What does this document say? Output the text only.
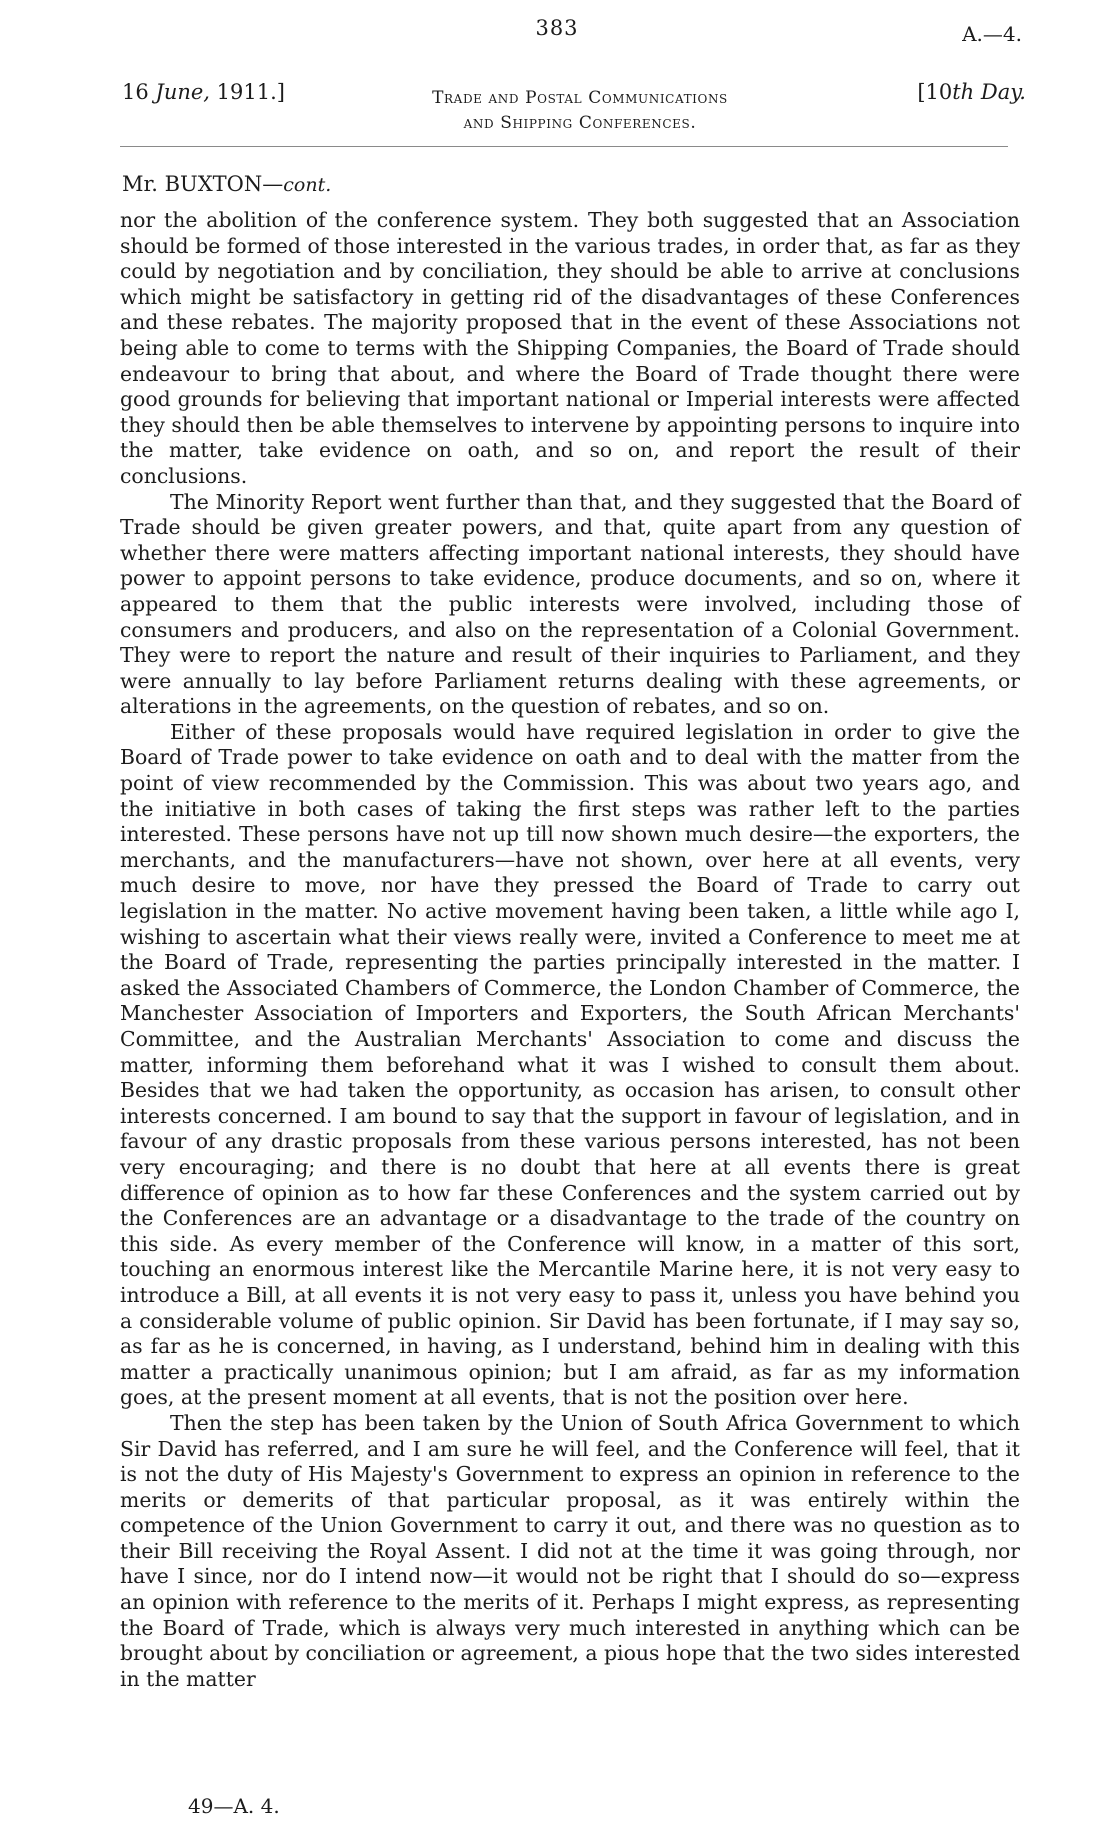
383	A.—4.
16 June, 1911.]	Trade and Postal Communications
and Shipping Conferences.
[10th Day.
Mr. BUXTON—cont.

nor the abolition of the conference system. They both suggested that an Association should be formed of those interested in the various trades, in order that, as far as they could by negotiation and by conciliation, they should be able to arrive at conclusions which might be satisfactory in getting rid of the disadvantages of these Conferences and these rebates. The majority proposed that in the event of these Associations not being able to come to terms with the Shipping Companies, the Board of Trade should endeavour to bring that about, and where the Board of Trade thought there were good grounds for believing that important national or Imperial interests were affected they should then be able themselves to intervene by appointing persons to inquire into the matter, take evidence on oath, and so on, and report the result of their conclusions.

The Minority Report went further than that, and they suggested that the Board of Trade should be given greater powers, and that, quite apart from any question of whether there were matters affecting important national interests, they should have power to appoint persons to take evidence, produce documents, and so on, where it appeared to them that the public interests were involved, including those of consumers and producers, and also on the representation of a Colonial Government. They were to report the nature and result of their inquiries to Parliament, and they were annually to lay before Parliament returns dealing with these agreements, or alterations in the agreements, on the question of rebates, and so on.

Either of these proposals would have required legislation in order to give the Board of Trade power to take evidence on oath and to deal with the matter from the point of view recommended by the Commission. This was about two years ago, and the initiative in both cases of taking the first steps was rather left to the parties interested. These persons have not up till now shown much desire—the exporters, the merchants, and the manufacturers—have not shown, over here at all events, very much desire to move, nor have they pressed the Board of Trade to carry out legislation in the matter. No active movement having been taken, a little while ago I, wishing to ascertain what their views really were, invited a Conference to meet me at the Board of Trade, representing the parties principally interested in the matter. I asked the Associated Chambers of Commerce, the London Chamber of Commerce, the Manchester Association of Importers and Exporters, the South African Merchants' Committee, and the Australian Merchants' Association to come and discuss the matter, informing them beforehand what it was I wished to consult them about. Besides that we had taken the opportunity, as occasion has arisen, to consult other interests concerned. I am bound to say that the support in favour of legislation, and in favour of any drastic proposals from these various persons interested, has not been very encouraging; and there is no doubt that here at all events there is great difference of opinion as to how far these Conferences and the system carried out by the Conferences are an advantage or a disadvantage to the trade of the country on this side. As every member of the Conference will know, in a matter of this sort, touching an enormous interest like the Mercantile Marine here, it is not very easy to introduce a Bill, at all events it is not very easy to pass it, unless you have behind you a considerable volume of public opinion. Sir David has been fortunate, if I may say so, as far as he is concerned, in having, as I understand, behind him in dealing with this matter a practically unanimous opinion; but I am afraid, as far as my information goes, at the present moment at all events, that is not the position over here.

Then the step has been taken by the Union of South Africa Government to which Sir David has referred, and I am sure he will feel, and the Conference will feel, that it is not the duty of His Majesty's Government to express an opinion in reference to the merits or demerits of that particular proposal, as it was entirely within the competence of the Union Government to carry it out, and there was no question as to their Bill receiving the Royal Assent. I did not at the time it was going through, nor have I since, nor do I intend now—it would not be right that I should do so—express an opinion with reference to the merits of it. Perhaps I might express, as representing the Board of Trade, which is always very much interested in anything which can be brought about by conciliation or agreement, a pious hope that the two sides interested in the matter

49—A. 4.
